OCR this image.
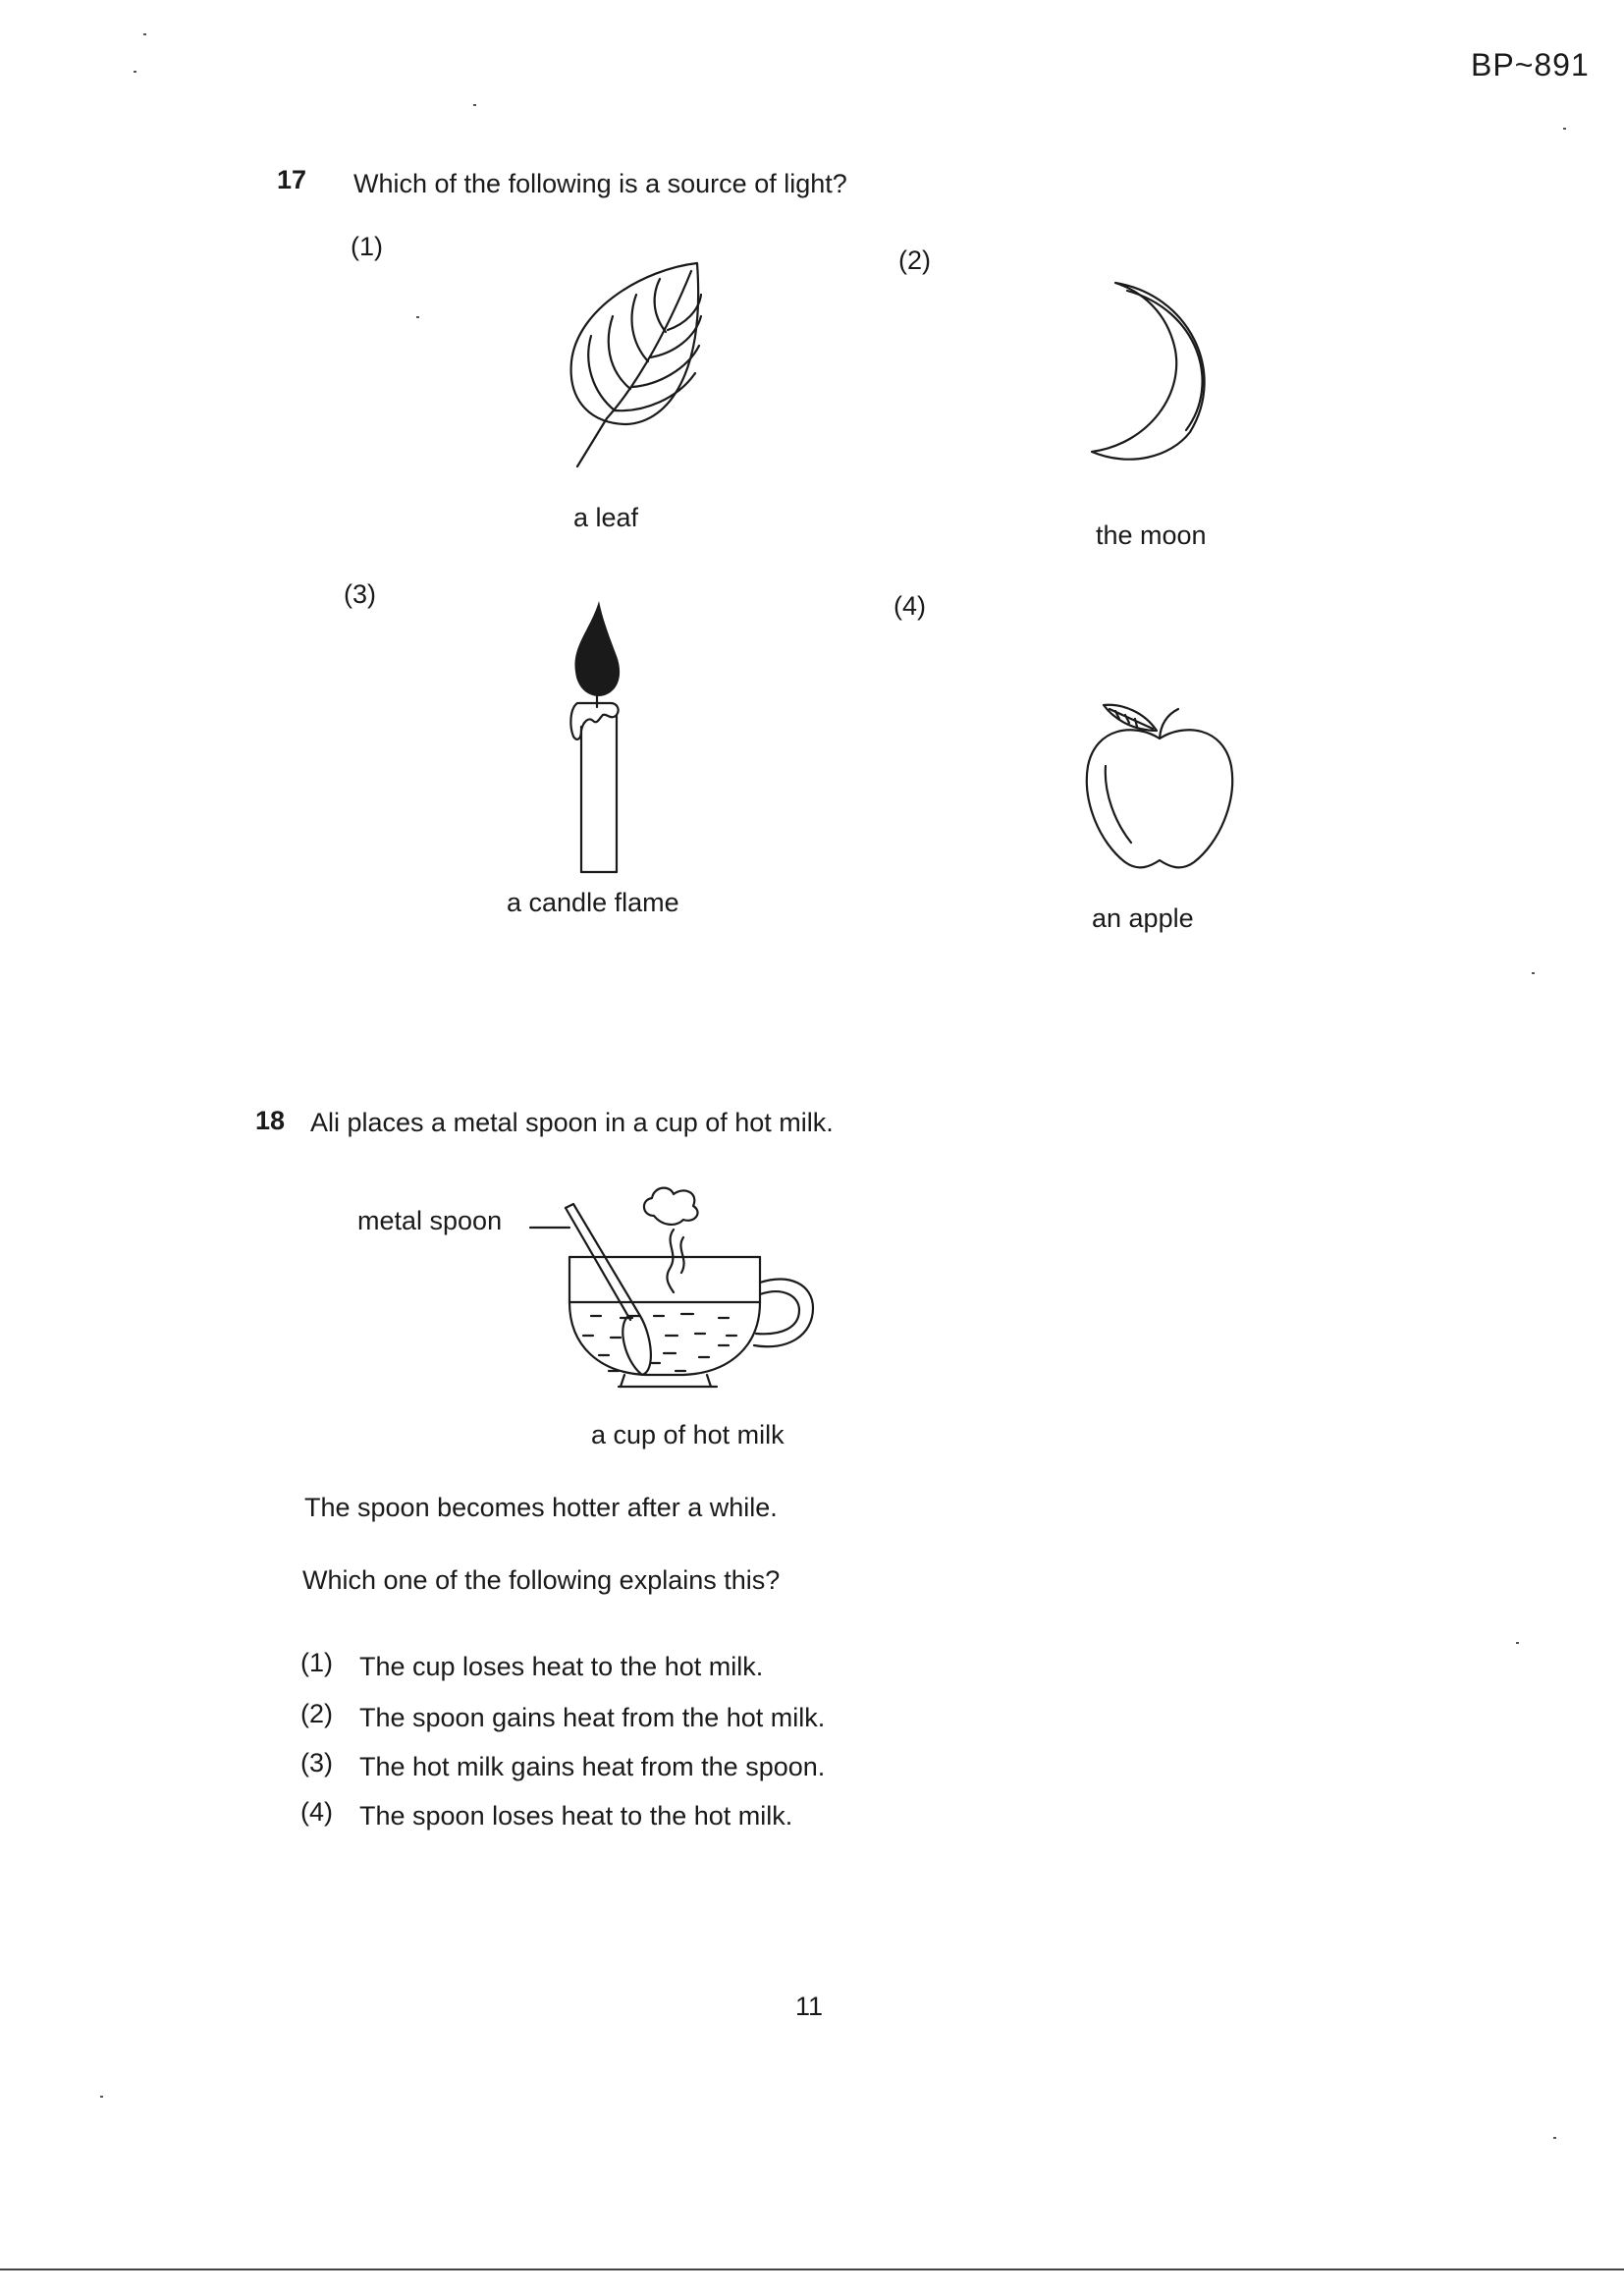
BP~891
17 Which of the following is a source of light?
(1)	(2)
(3)	(4)
a leaf
the moon
a candle flame
an apple
18 Ali places a metal spoon in a cup of hot milk.
metal spoon
a cup of hot milk
The spoon becomes hotter after a while.
Which one of the following explains this?
(1) The cup loses heat to the hot milk.
(2) The spoon gains heat from the hot milk.
(3) The hot milk gains heat from the spoon.
(4) The spoon loses heat to the hot milk.
11
